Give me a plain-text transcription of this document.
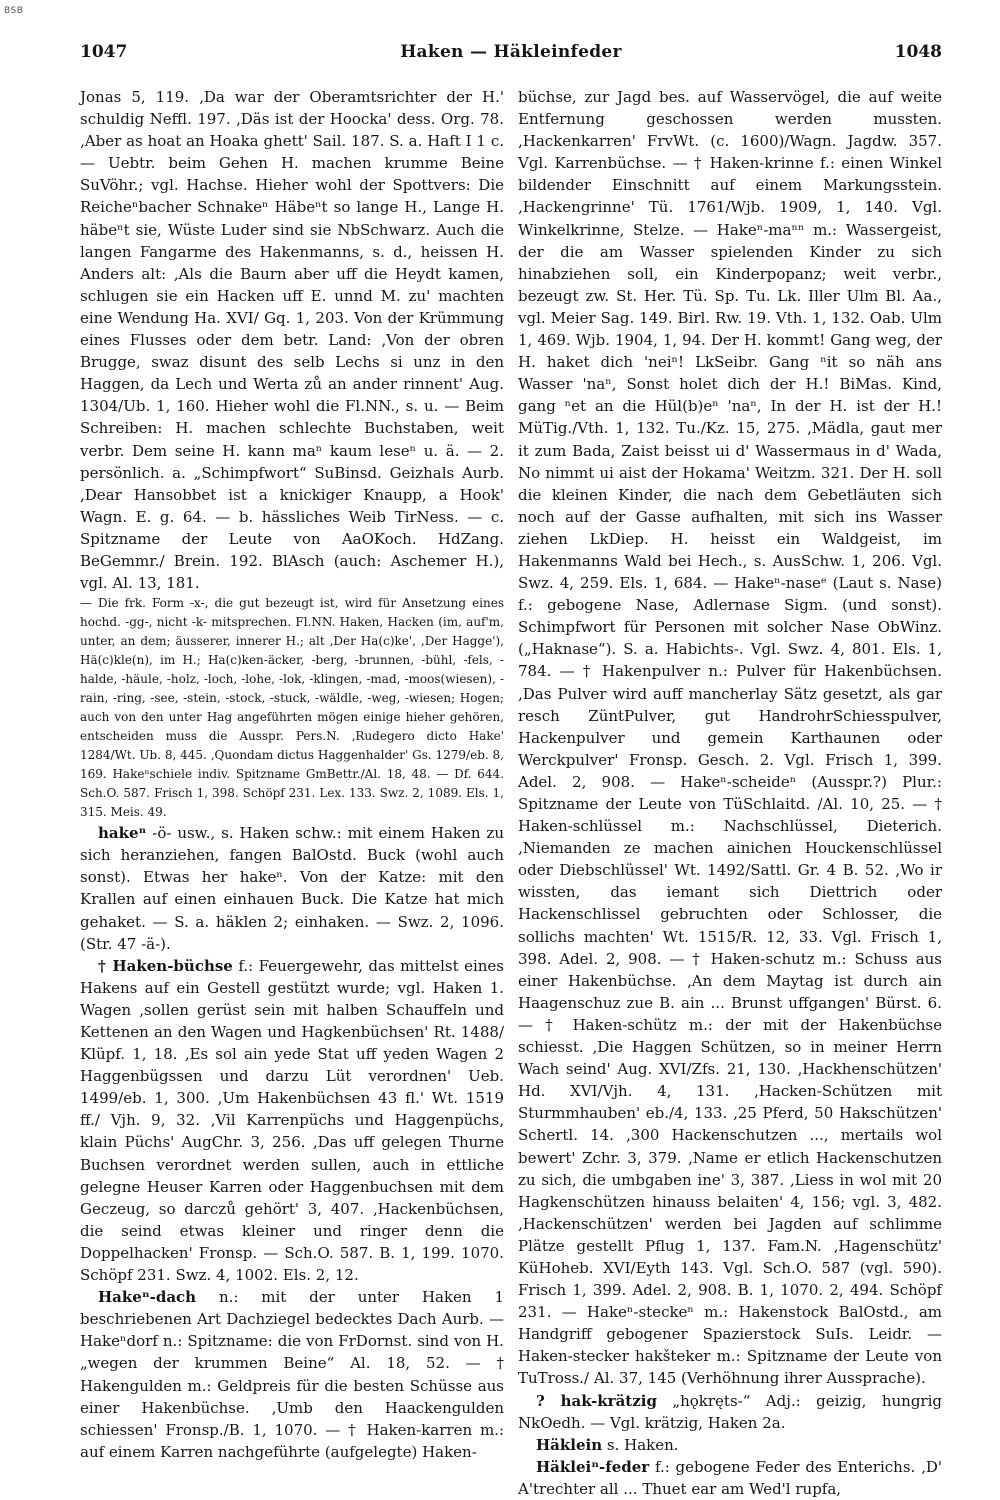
BSB
1047	Haken — Häkleinfeder	1048

Jonas 5, 119. ‚Da war der Oberamtsrichter der H.' schuldig Neffl. 197. ‚Däs ist der Hoocka' dess. Org. 78. ‚Aber as hoat an Hoaka ghett' Sail. 187. S. a. Haft I 1 c. — Uebtr. beim Gehen H. machen krumme Beine SuVöhr.; vgl. Hachse. Hieher wohl der Spottvers: Die Reicheⁿbacher Schnakeⁿ Häbeⁿt so lange H., Lange H. häbeⁿt sie, Wüste Luder sind sie NbSchwarz. Auch die langen Fangarme des Hakenmanns, s. d., heissen H. Anders alt: ‚Als die Baurn aber uff die Heydt kamen, schlugen sie ein Hacken uff E. unnd M. zu' machten eine Wendung Ha. XVI/ Gq. 1, 203. Von der Krümmung eines Flusses oder dem betr. Land: ‚Von der obren Brugge, swaz disunt des selb Lechs si unz in den Haggen, da Lech und Werta zů an ander rinnent' Aug. 1304/Ub. 1, 160. Hieher wohl die Fl.NN., s. u. — Beim Schreiben: H. machen schlechte Buchstaben, weit verbr. Dem seine H. kann maⁿ kaum leseⁿ u. ä. — 2. persönlich. a. „Schimpfwort“ SuBinsd. Geizhals Aurb. ‚Dear Hansobbet ist a knickiger Knaupp, a Hook' Wagn. E. g. 64. — b. hässliches Weib TirNess. — c. Spitzname der Leute von AaOKoch. HdZang. BeGemmr./ Brein. 192. BlAsch (auch: Aschemer H.), vgl. Al. 13, 181.

— Die frk. Form -x-, die gut bezeugt ist, wird für Ansetzung eines hochd. -gg-, nicht -k- mitsprechen. Fl.NN. Haken, Hacken (im, auf'm, unter, an dem; äusserer, innerer H.; alt ‚Der Ha(c)ke', ‚Der Hagge'), Hä(c)kle(n), im H.; Ha(c)ken-äcker, -berg, -brunnen, -bühl, -fels, -halde, -häule, -holz, -loch, -lohe, -lok, -klingen, -mad, -moos(wiesen), -rain, -ring, -see, -stein, -stock, -stuck, -wäldle, -weg, -wiesen; Hogen; auch von den unter Hag angeführten mögen einige hieher gehören, entscheiden muss die Ausspr. Pers.N. ‚Rudegero dicto Hake' 1284/Wt. Ub. 8, 445. ‚Quondam dictus Haggenhalder' Gs. 1279/eb. 8, 169. Hakeⁿschiele indiv. Spitzname GmBettr./Al. 18, 48. — Df. 644. Sch.O. 587. Frisch 1, 398. Schöpf 231. Lex. 133. Swz. 2, 1089. Els. 1, 315. Meis. 49.

hakeⁿ -ö- usw., s. Haken schw.: mit einem Haken zu sich heranziehen, fangen BalOstd. Buck (wohl auch sonst). Etwas her hakeⁿ. Von der Katze: mit den Krallen auf einen einhauen Buck. Die Katze hat mich gehaket. — S. a. häklen 2; einhaken. — Swz. 2, 1096. (Str. 47 -ä-).

† Haken-büchse f.: Feuergewehr, das mittelst eines Hakens auf ein Gestell gestützt wurde; vgl. Haken 1. Wagen ‚sollen gerüst sein mit halben Schauffeln und Kettenen an den Wagen und Hagkenbüchsen' Rt. 1488/ Klüpf. 1, 18. ‚Es sol ain yede Stat uff yeden Wagen 2 Haggenbügssen und darzu Lüt verordnen' Ueb. 1499/eb. 1, 300. ‚Um Hakenbüchsen 43 fl.' Wt. 1519 ff./ Vjh. 9, 32. ‚Vil Karrenpüchs und Haggenpüchs, klain Püchs' AugChr. 3, 256. ‚Das uff gelegen Thurne Buchsen verordnet werden sullen, auch in ettliche gelegne Heuser Karren oder Haggenbuchsen mit dem Geczeug, so darczů gehört' 3, 407. ‚Hackenbüchsen, die seind etwas kleiner und ringer denn die Doppelhacken' Fronsp. — Sch.O. 587. B. 1, 199. 1070. Schöpf 231. Swz. 4, 1002. Els. 2, 12.

Hakeⁿ-dach n.: mit der unter Haken 1 beschriebenen Art Dachziegel bedecktes Dach Aurb. — Hakeⁿdorf n.: Spitzname: die von FrDornst. sind von H. „wegen der krummen Beine“ Al. 18, 52. — † Hakengulden m.: Geldpreis für die besten Schüsse aus einer Hakenbüchse. ‚Umb den Haackengulden schiessen' Fronsp./B. 1, 1070. — † Haken-karren m.: auf einem Karren nachgeführte (aufgelegte) Haken-

büchse, zur Jagd bes. auf Wasservögel, die auf weite Entfernung geschossen werden mussten. ‚Hackenkarren' FrvWt. (c. 1600)/Wagn. Jagdw. 357. Vgl. Karrenbüchse. — † Haken-krinne f.: einen Winkel bildender Einschnitt auf einem Markungsstein. ‚Hackengrinne' Tü. 1761/Wjb. 1909, 1, 140. Vgl. Winkelkrinne, Stelze. — Hakeⁿ-maⁿⁿ m.: Wassergeist, der die am Wasser spielenden Kinder zu sich hinabziehen soll, ein Kinderpopanz; weit verbr., bezeugt zw. St. Her. Tü. Sp. Tu. Lk. Iller Ulm Bl. Aa., vgl. Meier Sag. 149. Birl. Rw. 19. Vth. 1, 132. Oab. Ulm 1, 469. Wjb. 1904, 1, 94. Der H. kommt! Gang weg, der H. haket dich 'neiⁿ! LkSeibr. Gang ⁿit so näh ans Wasser 'naⁿ, Sonst holet dich der H.! BiMas. Kind, gang ⁿet an die Hül(b)eⁿ 'naⁿ, In der H. ist der H.! MüTig./Vth. 1, 132. Tu./Kz. 15, 275. ‚Mädla, gaut mer it zum Bada, Zaist beisst ui d' Wassermaus in d' Wada, No nimmt ui aist der Hokama' Weitzm. 321. Der H. soll die kleinen Kinder, die nach dem Gebetläuten sich noch auf der Gasse aufhalten, mit sich ins Wasser ziehen LkDiep. H. heisst ein Waldgeist, im Hakenmanns Wald bei Hech., s. AusSchw. 1, 206. Vgl. Swz. 4, 259. Els. 1, 684. — Hakeⁿ-naseᵉ (Laut s. Nase) f.: gebogene Nase, Adlernase Sigm. (und sonst). Schimpfwort für Personen mit solcher Nase ObWinz. („Haknase“). S. a. Habichts-. Vgl. Swz. 4, 801. Els. 1, 784. — † Hakenpulver n.: Pulver für Hakenbüchsen. ‚Das Pulver wird auff mancherlay Sätz gesetzt, als gar resch ZüntPulver, gut HandrohrSchiesspulver, Hackenpulver und gemein Karthaunen oder Werckpulver' Fronsp. Gesch. 2. Vgl. Frisch 1, 399. Adel. 2, 908. — Hakeⁿ-scheideⁿ (Ausspr.?) Plur.: Spitzname der Leute von TüSchlaitd. /Al. 10, 25. — † Haken-schlüssel m.: Nachschlüssel, Dieterich. ‚Niemanden ze machen ainichen Houckenschlüssel oder Diebschlüssel' Wt. 1492/Sattl. Gr. 4 B. 52. ‚Wo ir wissten, das iemant sich Diettrich oder Hackenschlissel gebruchten oder Schlosser, die sollichs machten' Wt. 1515/R. 12, 33. Vgl. Frisch 1, 398. Adel. 2, 908. — † Haken-schutz m.: Schuss aus einer Hakenbüchse. ‚An dem Maytag ist durch ain Haagenschuz zue B. ain ... Brunst uffgangen' Bürst. 6. — † Haken-schütz m.: der mit der Hakenbüchse schiesst. ‚Die Haggen Schützen, so in meiner Herrn Wach seind' Aug. XVI/Zfs. 21, 130. ‚Hackhenschützen' Hd. XVI/Vjh. 4, 131. ‚Hacken-Schützen mit Sturmmhauben' eb./4, 133. ‚25 Pferd, 50 Hakschützen' Schertl. 14. ‚300 Hackenschutzen ..., mertails wol bewert' Zchr. 3, 379. ‚Name er etlich Hackenschutzen zu sich, die umbgaben ine' 3, 387. ‚Liess in wol mit 20 Hagkenschützen hinauss belaiten' 4, 156; vgl. 3, 482. ‚Hackenschützen' werden bei Jagden auf schlimme Plätze gestellt Pflug 1, 137. Fam.N. ‚Hagenschütz' KüHoheb. XVI/Eyth 143. Vgl. Sch.O. 587 (vgl. 590). Frisch 1, 399. Adel. 2, 908. B. 1, 1070. 2, 494. Schöpf 231. — Hakeⁿ-steckeⁿ m.: Hakenstock BalOstd., am Handgriff gebogener Spazierstock SuIs. Leidr. — Haken-stecker hakšteker m.: Spitzname der Leute von TuTross./ Al. 37, 145 (Verhöhnung ihrer Aussprache).

? hak-krätzig „hǫkręts-“ Adj.: geizig, hungrig NkOedh. — Vgl. krätzig, Haken 2a.

Häklein s. Haken.

Häkleiⁿ-feder f.: gebogene Feder des Enterichs. ‚D' A'trechter all ... Thuet ear am Wed'l rupfa,
